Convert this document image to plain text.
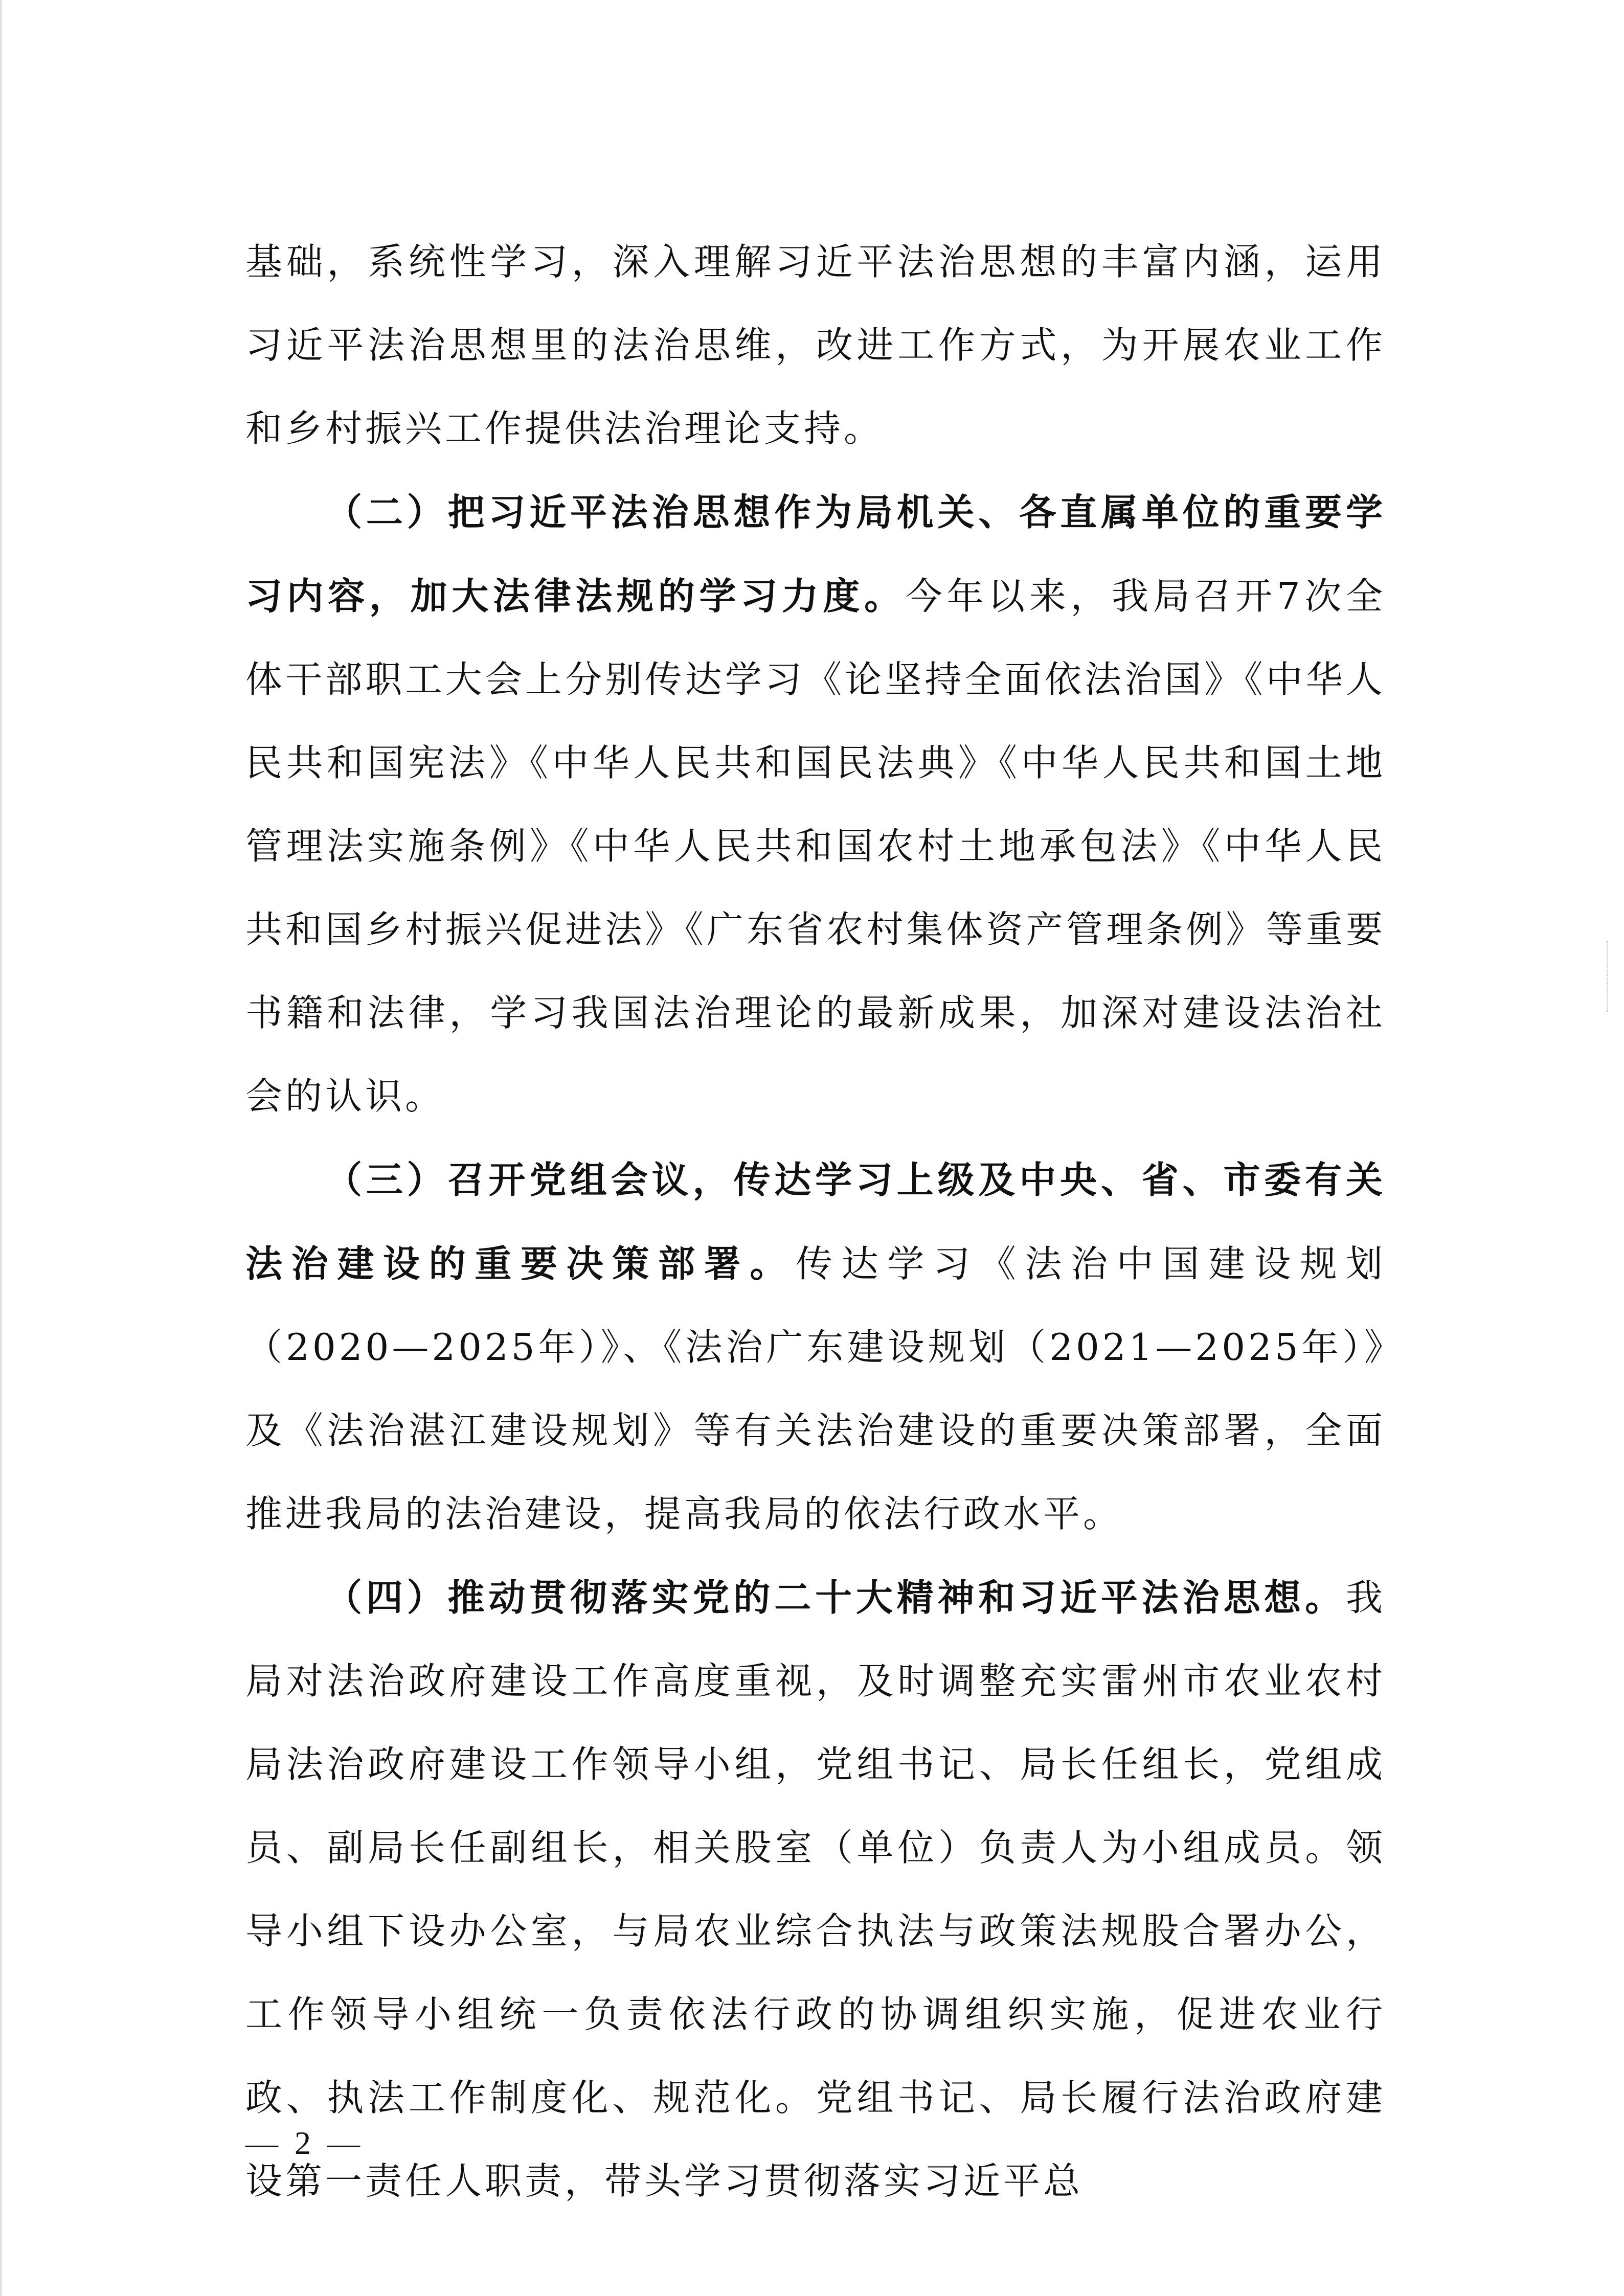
基础，系统性学习，深入理解习近平法治思想的丰富内涵，运用习近平法治思想里的法治思维，改进工作方式，为开展农业工作和乡村振兴工作提供法治理论支持。

（二）把习近平法治思想作为局机关、各直属单位的重要学习内容，加大法律法规的学习力度。今年以来，我局召开7次全体干部职工大会上分别传达学习《论坚持全面依法治国》《中华人民共和国宪法》《中华人民共和国民法典》《中华人民共和国土地管理法实施条例》《中华人民共和国农村土地承包法》《中华人民共和国乡村振兴促进法》《广东省农村集体资产管理条例》等重要书籍和法律，学习我国法治理论的最新成果，加深对建设法治社会的认识。

（三）召开党组会议，传达学习上级及中央、省、市委有关法治建设的重要决策部署。传达学习《法治中国建设规划（2020—2025年）》、《法治广东建设规划（2021—2025年）》及《法治湛江建设规划》等有关法治建设的重要决策部署，全面推进我局的法治建设，提高我局的依法行政水平。

（四）推动贯彻落实党的二十大精神和习近平法治思想。我局对法治政府建设工作高度重视，及时调整充实雷州市农业农村局法治政府建设工作领导小组，党组书记、局长任组长，党组成员、副局长任副组长，相关股室（单位）负责人为小组成员。领导小组下设办公室，与局农业综合执法与政策法规股合署办公，工作领导小组统一负责依法行政的协调组织实施，促进农业行政、执法工作制度化、规范化。党组书记、局长履行法治政府建设第一责任人职责，带头学习贯彻落实习近平总

— 2 —
